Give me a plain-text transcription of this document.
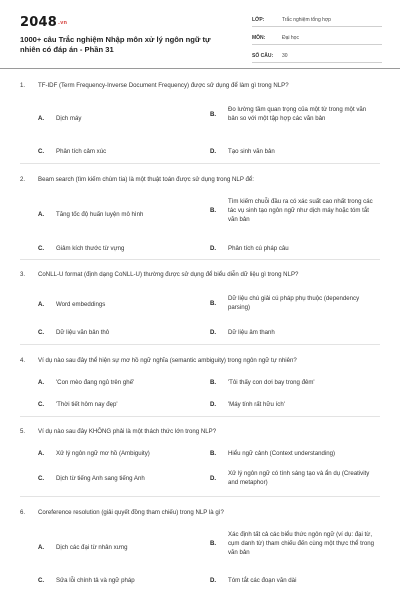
2048.vn
1000+ câu Trắc nghiệm Nhập môn xử lý ngôn ngữ tự nhiên có đáp án - Phần 31
LỚP:	Trắc nghiệm tổng hợp
MÔN:	Đại học
SỐ CÂU:	30
1.	TF-IDF (Term Frequency-Inverse Document Frequency) được sử dụng để làm gì trong NLP?
A.	Dịch máy
B.
Đo lường tầm quan trọng của một từ trong một văn bản so với một tập hợp các văn bản
C.	Phân tích cảm xúc	D.	Tạo sinh văn bản
2.	Beam search (tìm kiếm chùm tia) là một thuật toán được sử dụng trong NLP để:
A.	Tăng tốc độ huấn luyện mô hình
B.
Tìm kiếm chuỗi đầu ra có xác suất cao nhất trong các tác vụ sinh tạo ngôn ngữ như dịch máy hoặc tóm tắt văn bản
C.	Giảm kích thước từ vựng	D.	Phân tích cú pháp câu
3.	CoNLL-U format (định dạng CoNLL-U) thường được sử dụng để biểu diễn dữ liệu gì trong NLP?
A.	Word embeddings	B.
Dữ liệu chú giải cú pháp phụ thuộc (dependency parsing)
C.	Dữ liệu văn bản thô	D.	Dữ liệu âm thanh
4.	Ví dụ nào sau đây thể hiện sự mơ hồ ngữ nghĩa (semantic ambiguity) trong ngôn ngữ tự nhiên?
A.	'Con mèo đang ngủ trên ghế'	B.	'Tôi thấy con dơi bay trong đêm'
C.	'Thời tiết hôm nay đẹp'	D.	'Máy tính rất hữu ích'
5.	Ví dụ nào sau đây KHÔNG phải là một thách thức lớn trong NLP?
A.	Xử lý ngôn ngữ mơ hồ (Ambiguity)	B.	Hiểu ngữ cảnh (Context understanding)
C.	Dịch từ tiếng Anh sang tiếng Anh	D.
Xử lý ngôn ngữ có tính sáng tạo và ẩn dụ (Creativity and metaphor)
6.	Coreference resolution (giải quyết đồng tham chiếu) trong NLP là gì?
A.	Dịch các đại từ nhân xưng
B.
Xác định tất cả các biểu thức ngôn ngữ (ví dụ: đại từ, cụm danh từ) tham chiếu đến cùng một thực thể trong văn bản
C.	Sửa lỗi chính tả và ngữ pháp	D.	Tóm tắt các đoạn văn dài
